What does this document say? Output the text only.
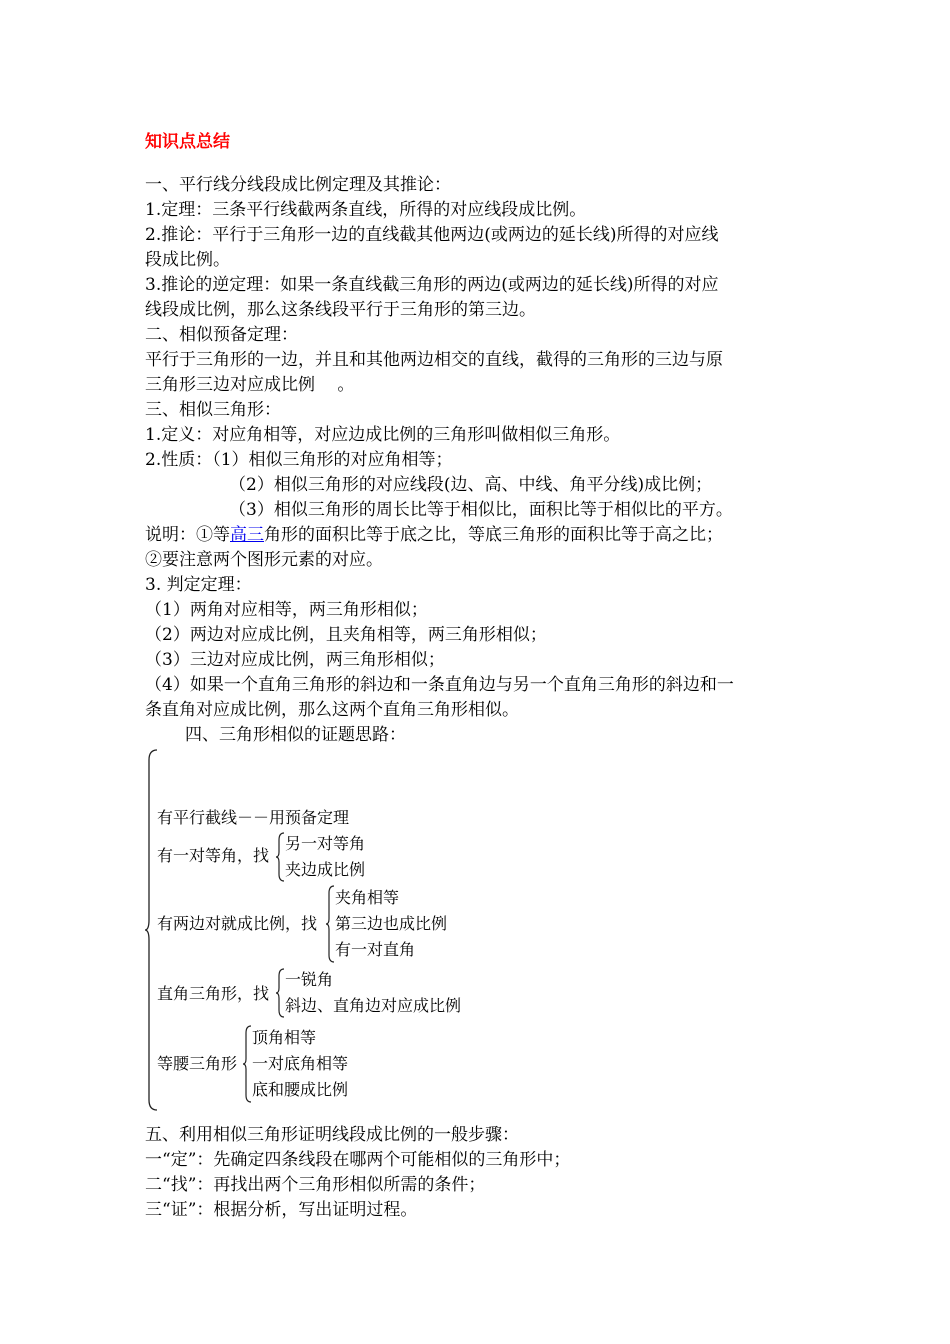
知识点总结
一、平行线分线段成比例定理及其推论：
1.定理：三条平行线截两条直线，所得的对应线段成比例。
2.推论：平行于三角形一边的直线截其他两边(或两边的延长线)所得的对应线
段成比例。
3.推论的逆定理：如果一条直线截三角形的两边(或两边的延长线)所得的对应
线段成比例，那么这条线段平行于三角形的第三边。
二、相似预备定理：
平行于三角形的一边，并且和其他两边相交的直线，截得的三角形的三边与原
三角形三边对应成比例　 。
三、相似三角形：
1.定义：对应角相等，对应边成比例的三角形叫做相似三角形。
2.性质：（1）相似三角形的对应角相等；
（2）相似三角形的对应线段(边、高、中线、角平分线)成比例；
（3）相似三角形的周长比等于相似比，面积比等于相似比的平方。
说明：①等高三角形的面积比等于底之比，等底三角形的面积比等于高之比；
②要注意两个图形元素的对应。
3. 判定定理：
（1）两角对应相等，两三角形相似；
（2）两边对应成比例，且夹角相等，两三角形相似；
（3）三边对应成比例，两三角形相似；
（4）如果一个直角三角形的斜边和一条直角边与另一个直角三角形的斜边和一
条直角对应成比例，那么这两个直角三角形相似。
四、三角形相似的证题思路：
有平行截线－－用预备定理
有一对等角，找
另一对等角
夹边成比例
有两边对就成比例，找
夹角相等
第三边也成比例
有一对直角
直角三角形，找
一锐角
斜边、直角边对应成比例
等腰三角形
顶角相等
一对底角相等
底和腰成比例
五、利用相似三角形证明线段成比例的一般步骤：
一“定”：先确定四条线段在哪两个可能相似的三角形中；
二“找”：再找出两个三角形相似所需的条件；
三“证”：根据分析，写出证明过程。
